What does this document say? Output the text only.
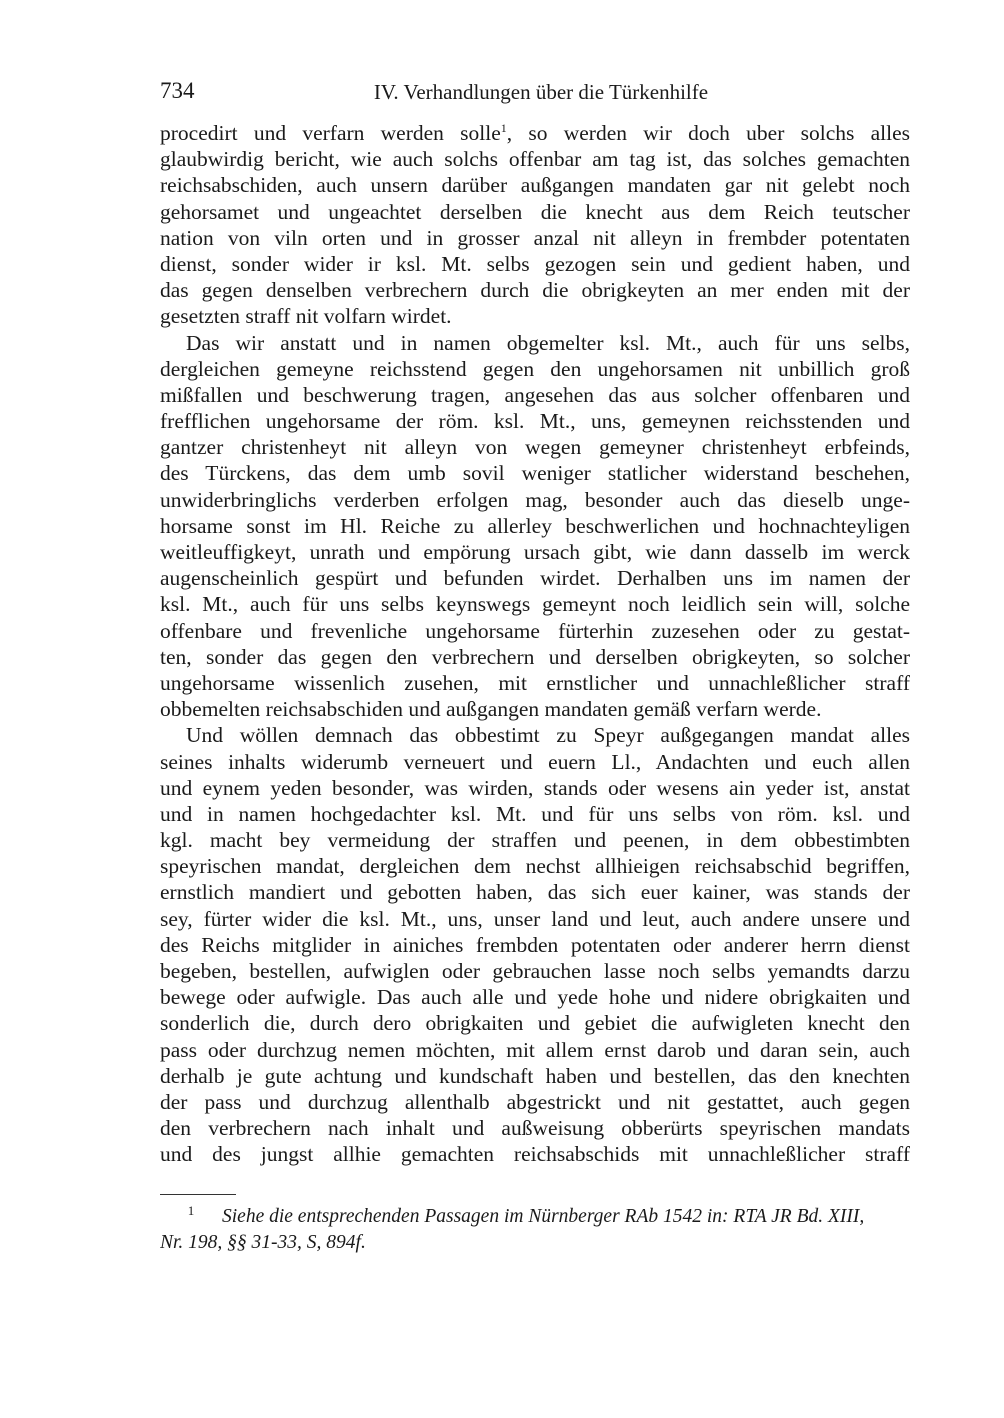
734	IV. Verhandlungen über die Türkenhilfe
procedirt und verfarn werden solle$^1$, so werden wir doch uber solchs alles
glaubwirdig bericht, wie auch solchs offenbar am tag ist, das solches gemachten
reichsabschiden, auch unsern darüber außgangen mandaten gar nit gelebt noch
gehorsamet und ungeachtet derselben die knecht aus dem Reich teutscher
nation von viln orten und in grosser anzal nit alleyn in frembder potentaten
dienst, sonder wider ir ksl. Mt. selbs gezogen sein und gedient haben, und
das gegen denselben verbrechern durch die obrigkeyten an mer enden mit der
gesetzten straff nit volfarn wirdet.
Das wir anstatt und in namen obgemelter ksl. Mt., auch für uns selbs,
dergleichen gemeyne reichsstend gegen den ungehorsamen nit unbillich groß
mißfallen und beschwerung tragen, angesehen das aus solcher offenbaren und
frefflichen ungehorsame der röm. ksl. Mt., uns, gemeynen reichsstenden und
gantzer christenheyt nit alleyn von wegen gemeyner christenheyt erbfeinds,
des Türckens, das dem umb sovil weniger statlicher widerstand beschehen,
unwiderbringlichs verderben erfolgen mag, besonder auch das dieselb unge-
horsame sonst im Hl. Reiche zu allerley beschwerlichen und hochnachteyligen
weitleuffigkeyt, unrath und empörung ursach gibt, wie dann dasselb im werck
augenscheinlich gespürt und befunden wirdet. Derhalben uns im namen der
ksl. Mt., auch für uns selbs keynswegs gemeynt noch leidlich sein will, solche
offenbare und frevenliche ungehorsame fürterhin zuzesehen oder zu gestat-
ten, sonder das gegen den verbrechern und derselben obrigkeyten, so solcher
ungehorsame wissenlich zusehen, mit ernstlicher und unnachleßlicher straff
obbemelten reichsabschiden und außgangen mandaten gemäß verfarn werde.
Und wöllen demnach das obbestimt zu Speyr außgegangen mandat alles
seines inhalts widerumb verneuert und euern Ll., Andachten und euch allen
und eynem yeden besonder, was wirden, stands oder wesens ain yeder ist, anstat
und in namen hochgedachter ksl. Mt. und für uns selbs von röm. ksl. und
kgl. macht bey vermeidung der straffen und peenen, in dem obbestimbten
speyrischen mandat, dergleichen dem nechst allhieigen reichsabschid begriffen,
ernstlich mandiert und gebotten haben, das sich euer kainer, was stands der
sey, fürter wider die ksl. Mt., uns, unser land und leut, auch andere unsere und
des Reichs mitglider in ainiches frembden potentaten oder anderer herrn dienst
begeben, bestellen, aufwiglen oder gebrauchen lasse noch selbs yemandts darzu
bewege oder aufwigle. Das auch alle und yede hohe und nidere obrigkaiten und
sonderlich die, durch dero obrigkaiten und gebiet die aufwigleten knecht den
pass oder durchzug nemen möchten, mit allem ernst darob und daran sein, auch
derhalb je gute achtung und kundschaft haben und bestellen, das den knechten
der pass und durchzug allenthalb abgestrickt und nit gestattet, auch gegen
den verbrechern nach inhalt und außweisung obberürts speyrischen mandats
und des jungst allhie gemachten reichsabschids mit unnachleßlicher straff
1 Siehe die entsprechenden Passagen im Nürnberger RAb 1542 in: RTA JR Bd. XIII,
Nr. 198, §§ 31-33, S, 894f.
